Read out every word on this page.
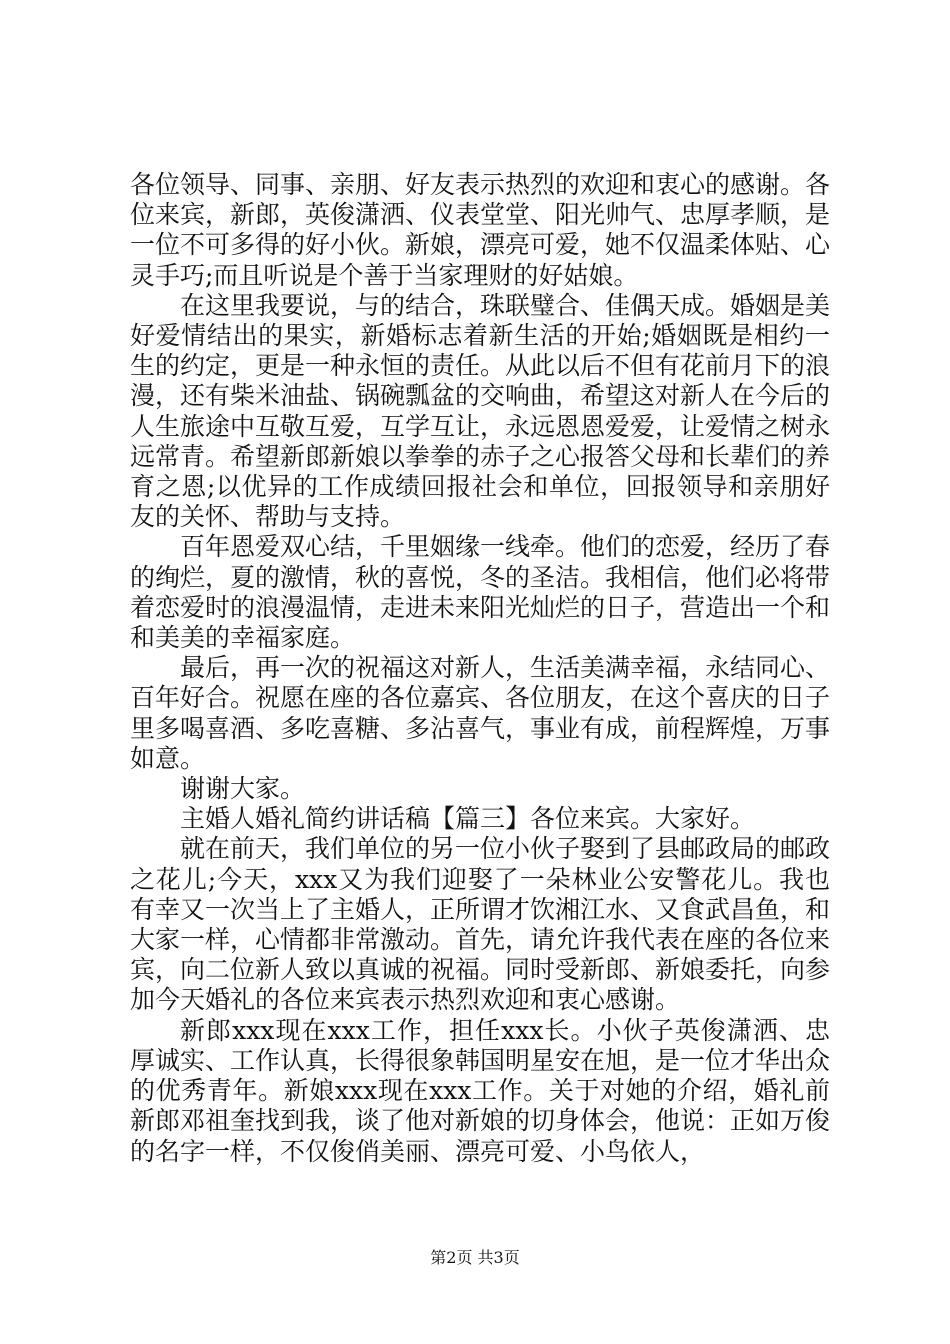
各位领导、同事、亲朋、好友表示热烈的欢迎和衷心的感谢。各位来宾，新郎，英俊潇洒、仪表堂堂、阳光帅气、忠厚孝顺，是一位不可多得的好小伙。新娘，漂亮可爱，她不仅温柔体贴、心灵手巧;而且听说是个善于当家理财的好姑娘。

在这里我要说，与的结合，珠联璧合、佳偶天成。婚姻是美好爱情结出的果实，新婚标志着新生活的开始;婚姻既是相约一生的约定，更是一种永恒的责任。从此以后不但有花前月下的浪漫，还有柴米油盐、锅碗瓢盆的交响曲，希望这对新人在今后的人生旅途中互敬互爱，互学互让，永远恩恩爱爱，让爱情之树永远常青。希望新郎新娘以拳拳的赤子之心报答父母和长辈们的养育之恩;以优异的工作成绩回报社会和单位，回报领导和亲朋好友的关怀、帮助与支持。

百年恩爱双心结，千里姻缘一线牵。他们的恋爱，经历了春的绚烂，夏的激情，秋的喜悦，冬的圣洁。我相信，他们必将带着恋爱时的浪漫温情，走进未来阳光灿烂的日子，营造出一个和和美美的幸福家庭。

最后，再一次的祝福这对新人，生活美满幸福，永结同心、百年好合。祝愿在座的各位嘉宾、各位朋友，在这个喜庆的日子里多喝喜酒、多吃喜糖、多沾喜气，事业有成，前程辉煌，万事如意。

谢谢大家。

主婚人婚礼简约讲话稿【篇三】各位来宾。大家好。

就在前天，我们单位的另一位小伙子娶到了县邮政局的邮政之花儿;今天，xxx又为我们迎娶了一朵林业公安警花儿。我也有幸又一次当上了主婚人，正所谓才饮湘江水、又食武昌鱼，和大家一样，心情都非常激动。首先，请允许我代表在座的各位来宾，向二位新人致以真诚的祝福。同时受新郎、新娘委托，向参加今天婚礼的各位来宾表示热烈欢迎和衷心感谢。

新郎xxx现在xxx工作，担任xxx长。小伙子英俊潇洒、忠厚诚实、工作认真，长得很象韩国明星安在旭，是一位才华出众的优秀青年。新娘xxx现在xxx工作。关于对她的介绍，婚礼前新郎邓祖奎找到我，谈了他对新娘的切身体会，他说：正如万俊的名字一样，不仅俊俏美丽、漂亮可爱、小鸟依人，

第2页 共3页
